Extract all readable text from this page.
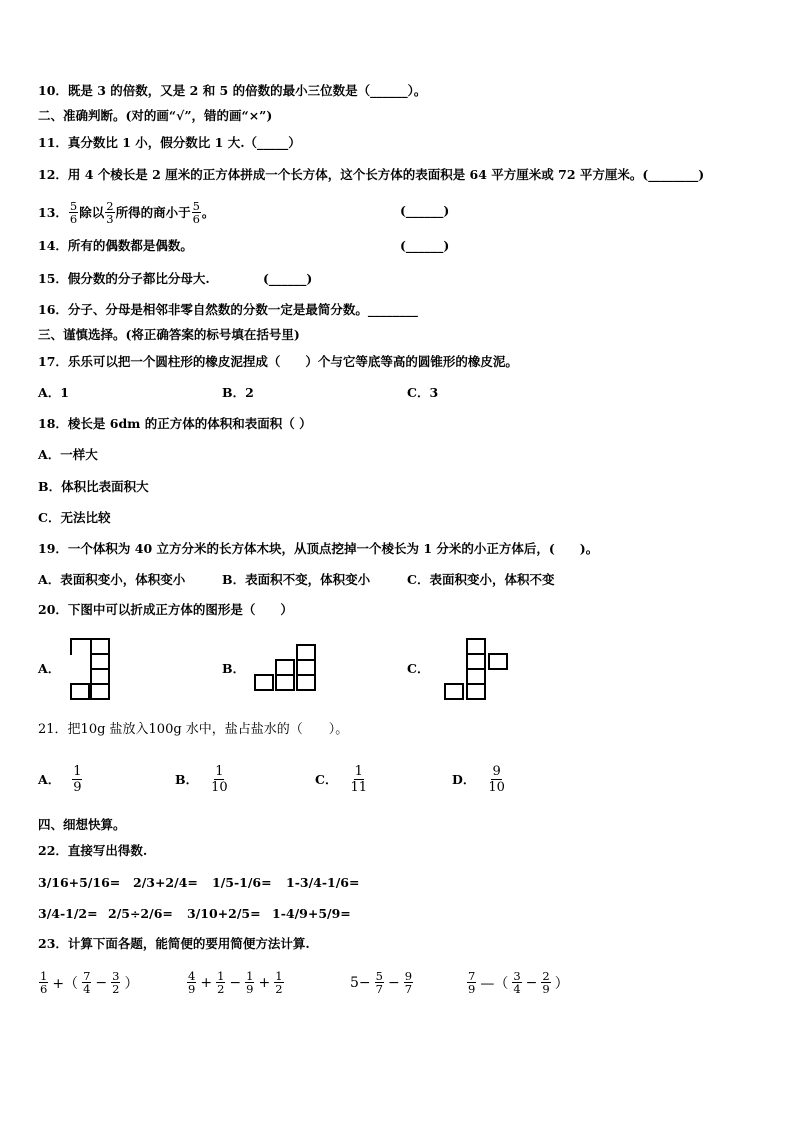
10．既是 3 的倍数，又是 2 和 5 的倍数的最小三位数是（______）。
二、准确判断。(对的画“√”，错的画“×”)
11．真分数比 1 小，假分数比 1 大.（_____）
12．用 4 个棱长是 2 厘米的正方体拼成一个长方体，这个长方体的表面积是 64 平方厘米或 72 平方厘米。(________)
13． $\frac{5}{6}$ 除以 $\frac{2}{3}$ 所得的商小于 $\frac{5}{6}$ 。	(______)
14．所有的偶数都是偶数。	(______)
15．假分数的分子都比分母大.	(______)
16．分子、分母是相邻非零自然数的分数一定是最简分数。________
三、谨慎选择。(将正确答案的标号填在括号里)
17．乐乐可以把一个圆柱形的橡皮泥捏成（　　）个与它等底等高的圆锥形的橡皮泥。
A．1	B．2	C．3
18．棱长是 6dm 的正方体的体积和表面积（ ）
A．一样大
B．体积比表面积大
C．无法比较
19．一个体积为 40 立方分米的长方体木块，从顶点挖掉一个棱长为 1 分米的小正方体后，(　　)。
A．表面积变小，体积变小	B．表面积不变，体积变小	C．表面积变小，体积不变
20．下图中可以折成正方体的图形是（　　）
A．	B．	C．
21．把10g 盐放入100g 水中，盐占盐水的（　　）。
A． $\frac{1}{9}$	B． $\frac{1}{10}$	C． $\frac{1}{11}$	D． $\frac{9}{10}$
四、细想快算。
22．直接写出得数.
3/16+5/16= 2/3+2/4= 1/5-1/6= 1-3/4-1/6=
3/4-1/2= 2/5÷2/6= 3/10+2/5= 1-4/9+5/9=
23．计算下面各题，能简便的要用简便方法计算.
$\frac{1}{6}$ +（ $\frac{7}{4} - \frac{3}{2}$ ）	$\frac{4}{9} + \frac{1}{2} - \frac{1}{9} + \frac{1}{2}$	$5- \frac{5}{7} - \frac{9}{7}$	$\frac{7}{9}$ —（ $\frac{3}{4} - \frac{2}{9}$ ）
